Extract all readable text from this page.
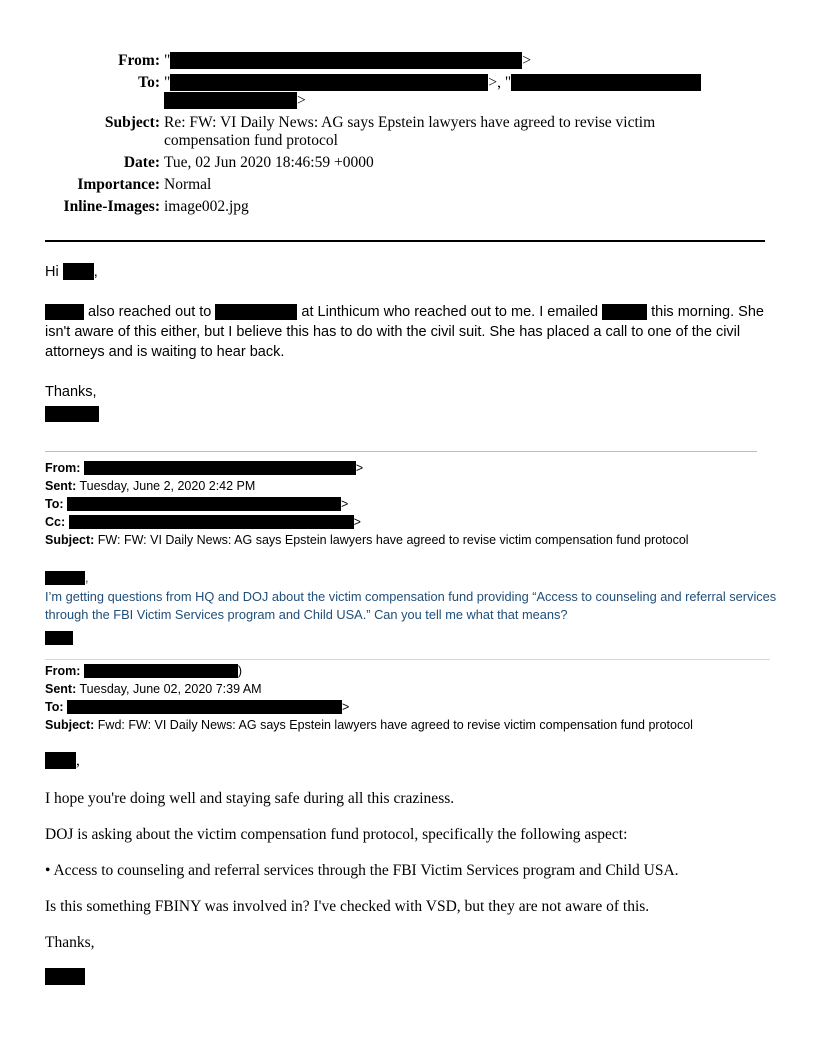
From: "	>
To: "	>, "
>
Subject: Re: FW: VI Daily News: AG says Epstein lawyers have agreed to revise victim compensation fund protocol
Date: Tue, 02 Jun 2020 18:46:59 +0000
Importance: Normal
Inline-Images: image002.jpg

Hi ,

also reached out to	at Linthicum who reached out to me. I emailed	this morning. She isn't aware of this either, but I believe this has to do with the civil suit. She has placed a call to one of the civil attorneys and is waiting to hear back.

Thanks,

From:	>
Sent: Tuesday, June 2, 2020 2:42 PM
To:	>
Cc:	>
Subject: FW: FW: VI Daily News: AG says Epstein lawyers have agreed to revise victim compensation fund protocol
,
I’m getting questions from HQ and DOJ about the victim compensation fund providing “Access to counseling and referral services through the FBI Victim Services program and Child USA.” Can you tell me what that means?
From:	)
Sent: Tuesday, June 02, 2020 7:39 AM
To:	>
Subject: Fwd: FW: VI Daily News: AG says Epstein lawyers have agreed to revise victim compensation fund protocol

,

I hope you're doing well and staying safe during all this craziness.

DOJ is asking about the victim compensation fund protocol, specifically the following aspect:

• Access to counseling and referral services through the FBI Victim Services program and Child USA.

Is this something FBINY was involved in? I've checked with VSD, but they are not aware of this.

Thanks,
